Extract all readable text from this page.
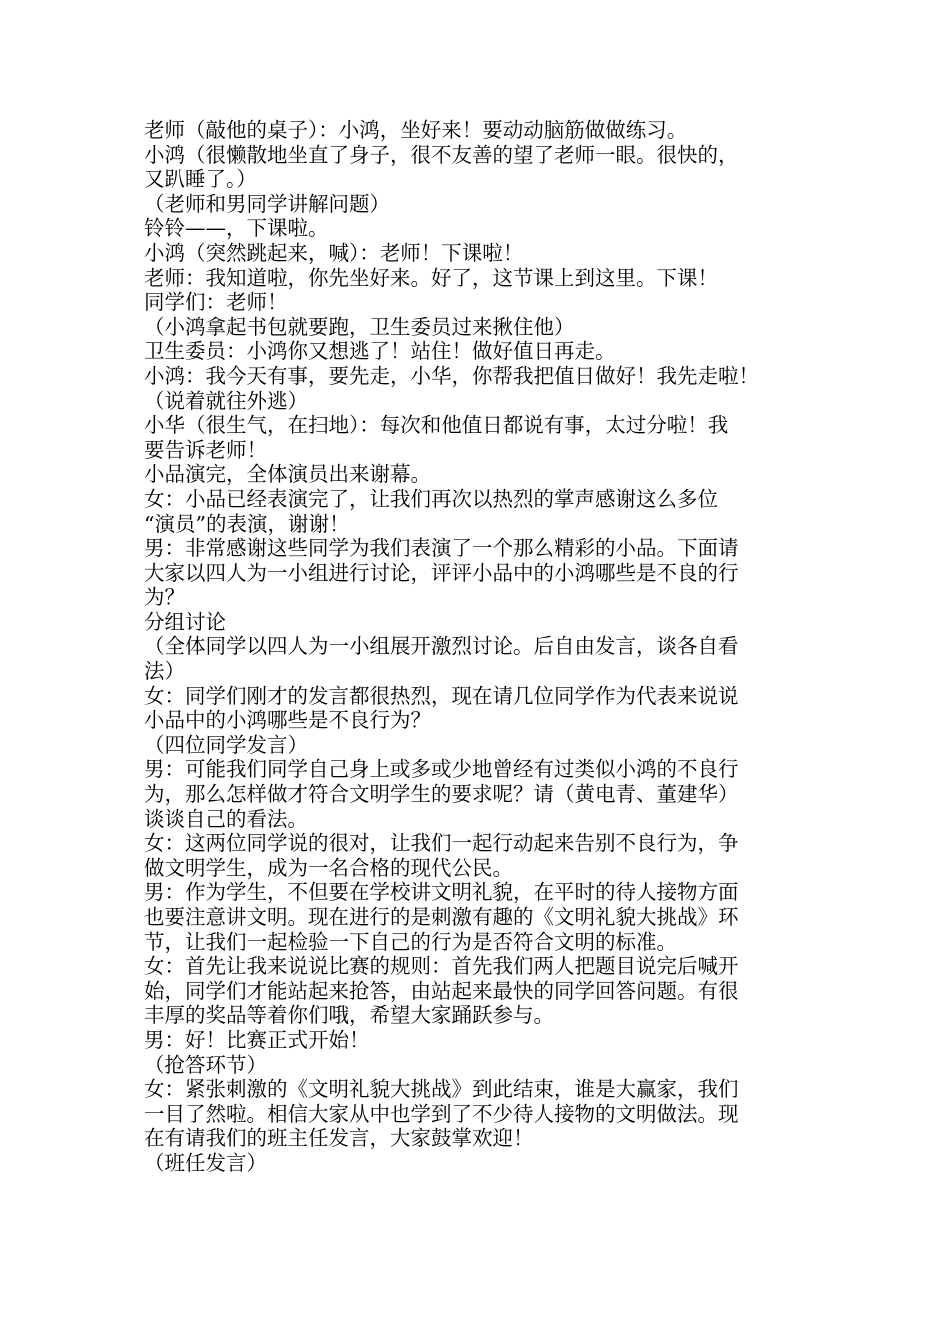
老师（敲他的桌子）：小鸿，坐好来！要动动脑筋做做练习。
小鸿（很懒散地坐直了身子，很不友善的望了老师一眼。很快的，
又趴睡了。）
（老师和男同学讲解问题）
铃铃——，下课啦。
小鸿（突然跳起来，喊）：老师！下课啦！
老师：我知道啦，你先坐好来。好了，这节课上到这里。下课！
同学们：老师！
（小鸿拿起书包就要跑，卫生委员过来揪住他）
卫生委员：小鸿你又想逃了！站住！做好值日再走。
小鸿：我今天有事，要先走，小华，你帮我把值日做好！我先走啦！
（说着就往外逃）
小华（很生气，在扫地）：每次和他值日都说有事，太过分啦！我
要告诉老师！
小品演完，全体演员出来谢幕。
女：小品已经表演完了，让我们再次以热烈的掌声感谢这么多位
“演员”的表演，谢谢！
男：非常感谢这些同学为我们表演了一个那么精彩的小品。下面请
大家以四人为一小组进行讨论，评评小品中的小鸿哪些是不良的行
为？
分组讨论
（全体同学以四人为一小组展开激烈讨论。后自由发言，谈各自看
法）
女：同学们刚才的发言都很热烈，现在请几位同学作为代表来说说
小品中的小鸿哪些是不良行为？
（四位同学发言）
男：可能我们同学自己身上或多或少地曾经有过类似小鸿的不良行
为，那么怎样做才符合文明学生的要求呢？请（黄电青、董建华）
谈谈自己的看法。
女：这两位同学说的很对，让我们一起行动起来告别不良行为，争
做文明学生，成为一名合格的现代公民。
男：作为学生，不但要在学校讲文明礼貌，在平时的待人接物方面
也要注意讲文明。现在进行的是刺激有趣的《文明礼貌大挑战》环
节，让我们一起检验一下自己的行为是否符合文明的标准。
女：首先让我来说说比赛的规则：首先我们两人把题目说完后喊开
始，同学们才能站起来抢答，由站起来最快的同学回答问题。有很
丰厚的奖品等着你们哦，希望大家踊跃参与。
男：好！比赛正式开始！
（抢答环节）
女：紧张刺激的《文明礼貌大挑战》到此结束，谁是大赢家，我们
一目了然啦。相信大家从中也学到了不少待人接物的文明做法。现
在有请我们的班主任发言，大家鼓掌欢迎！
（班任发言）
